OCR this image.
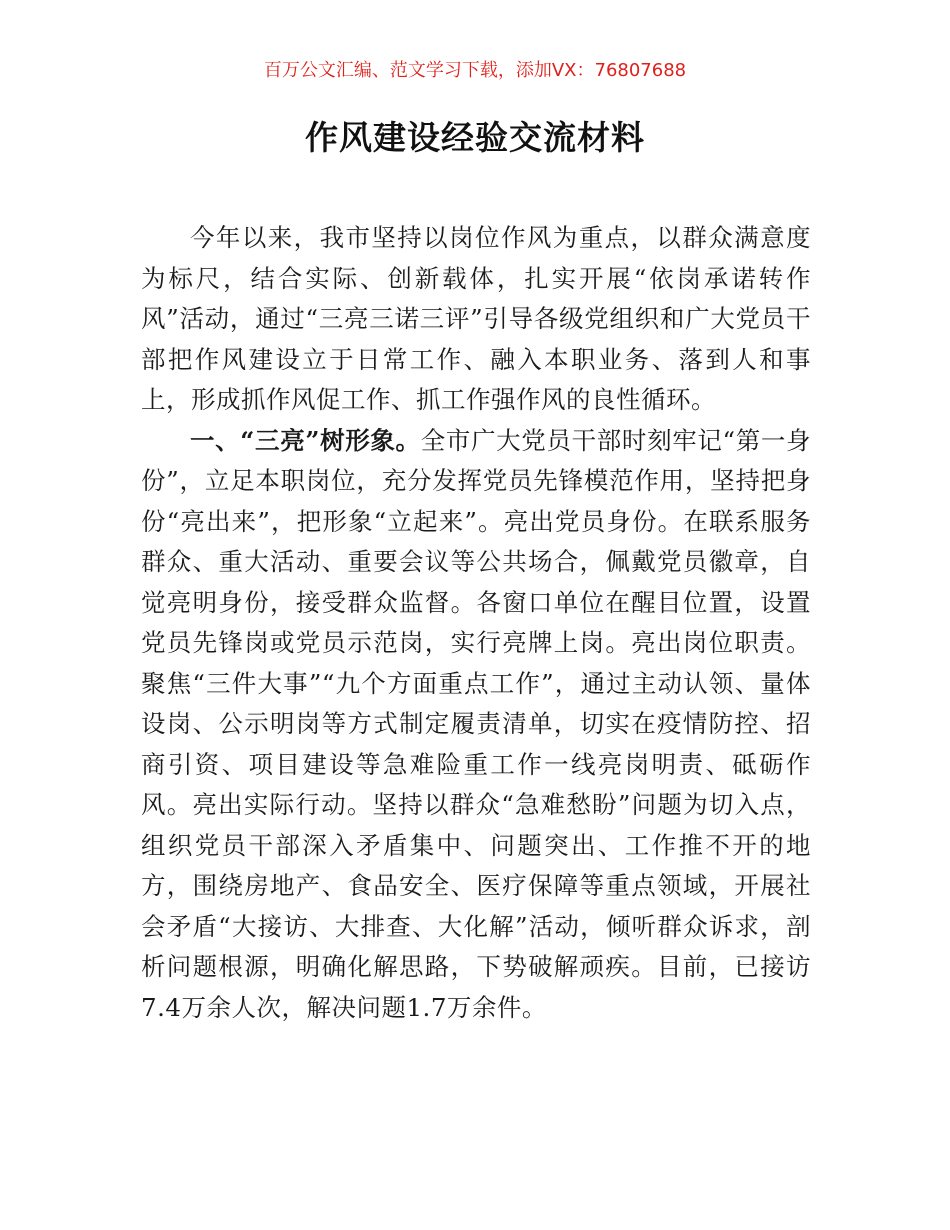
百万公文汇编、范文学习下载，添加VX：76807688
作风建设经验交流材料

今年以来，我市坚持以岗位作风为重点，以群众满意度为标尺，结合实际、创新载体，扎实开展“依岗承诺转作风”活动，通过“三亮三诺三评”引导各级党组织和广大党员干部把作风建设立于日常工作、融入本职业务、落到人和事上，形成抓作风促工作、抓工作强作风的良性循环。

一、“三亮”树形象。全市广大党员干部时刻牢记“第一身份”，立足本职岗位，充分发挥党员先锋模范作用，坚持把身份“亮出来”，把形象“立起来”。亮出党员身份。在联系服务群众、重大活动、重要会议等公共场合，佩戴党员徽章，自觉亮明身份，接受群众监督。各窗口单位在醒目位置，设置党员先锋岗或党员示范岗，实行亮牌上岗。亮出岗位职责。聚焦“三件大事”“九个方面重点工作”，通过主动认领、量体设岗、公示明岗等方式制定履责清单，切实在疫情防控、招商引资、项目建设等急难险重工作一线亮岗明责、砥砺作风。亮出实际行动。坚持以群众“急难愁盼”问题为切入点，组织党员干部深入矛盾集中、问题突出、工作推不开的地方，围绕房地产、食品安全、医疗保障等重点领域，开展社会矛盾“大接访、大排查、大化解”活动，倾听群众诉求，剖析问题根源，明确化解思路，下势破解顽疾。目前，已接访7.4万余人次，解决问题1.7万余件。
